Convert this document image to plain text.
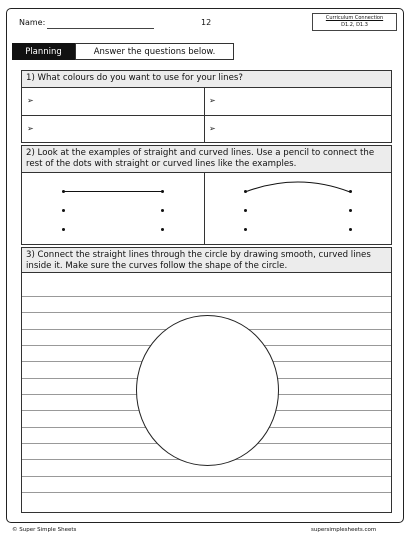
Name:	12	Curriculum Connection
D1.2, D1.3
Planning	Answer the questions below.
1) What colours do you want to use for your lines?
➢	➢
➢	➢
2) Look at the examples of straight and curved lines. Use a pencil to connect the rest of the dots with straight or curved lines like the examples.
3) Connect the straight lines through the circle by drawing smooth, curved lines inside it. Make sure the curves follow the shape of the circle.
© Super Simple Sheets	supersimplesheets.com
